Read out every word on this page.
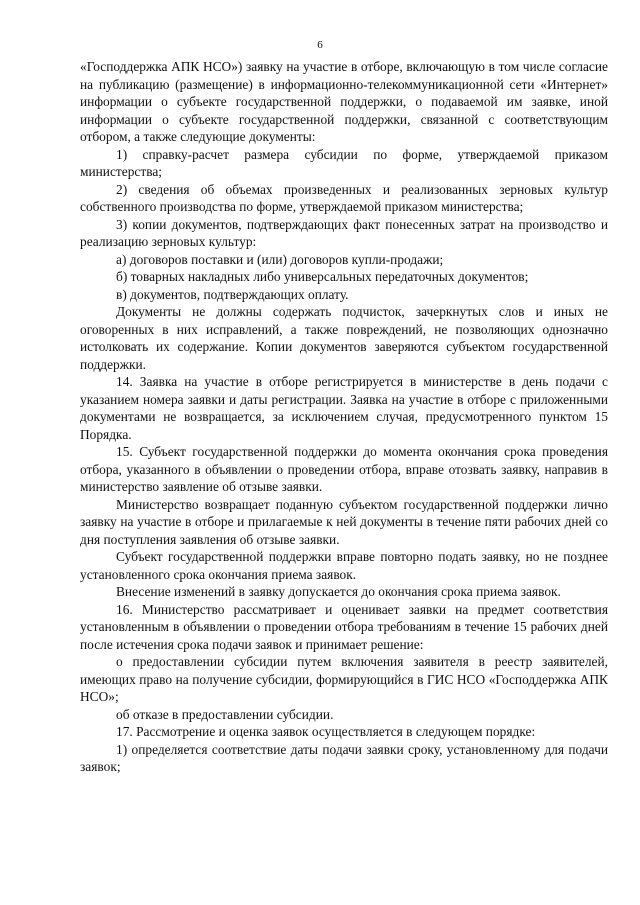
6

«Господдержка АПК НСО») заявку на участие в отборе, включающую в том числе согласие на публикацию (размещение) в информационно-телекоммуникационной сети «Интернет» информации о субъекте государственной поддержки, о подаваемой им заявке, иной информации о субъекте государственной поддержки, связанной с соответствующим отбором, а также следующие документы:

1) справку-расчет размера субсидии по форме, утверждаемой приказом министерства;

2) сведения об объемах произведенных и реализованных зерновых культур собственного производства по форме, утверждаемой приказом министерства;

3) копии документов, подтверждающих факт понесенных затрат на производство и реализацию зерновых культур:

а) договоров поставки и (или) договоров купли-продажи;

б) товарных накладных либо универсальных передаточных документов;

в) документов, подтверждающих оплату.

Документы не должны содержать подчисток, зачеркнутых слов и иных не оговоренных в них исправлений, а также повреждений, не позволяющих однозначно истолковать их содержание. Копии документов заверяются субъектом государственной поддержки.

14. Заявка на участие в отборе регистрируется в министерстве в день подачи с указанием номера заявки и даты регистрации. Заявка на участие в отборе с приложенными документами не возвращается, за исключением случая, предусмотренного пунктом 15 Порядка.

15. Субъект государственной поддержки до момента окончания срока проведения отбора, указанного в объявлении о проведении отбора, вправе отозвать заявку, направив в министерство заявление об отзыве заявки.

Министерство возвращает поданную субъектом государственной поддержки лично заявку на участие в отборе и прилагаемые к ней документы в течение пяти рабочих дней со дня поступления заявления об отзыве заявки.

Субъект государственной поддержки вправе повторно подать заявку, но не позднее установленного срока окончания приема заявок.

Внесение изменений в заявку допускается до окончания срока приема заявок.

16. Министерство рассматривает и оценивает заявки на предмет соответствия установленным в объявлении о проведении отбора требованиям в течение 15 рабочих дней после истечения срока подачи заявок и принимает решение:

о предоставлении субсидии путем включения заявителя в реестр заявителей, имеющих право на получение субсидии, формирующийся в ГИС НСО «Господдержка АПК НСО»;

об отказе в предоставлении субсидии.

17. Рассмотрение и оценка заявок осуществляется в следующем порядке:

1) определяется соответствие даты подачи заявки сроку, установленному для подачи заявок;
